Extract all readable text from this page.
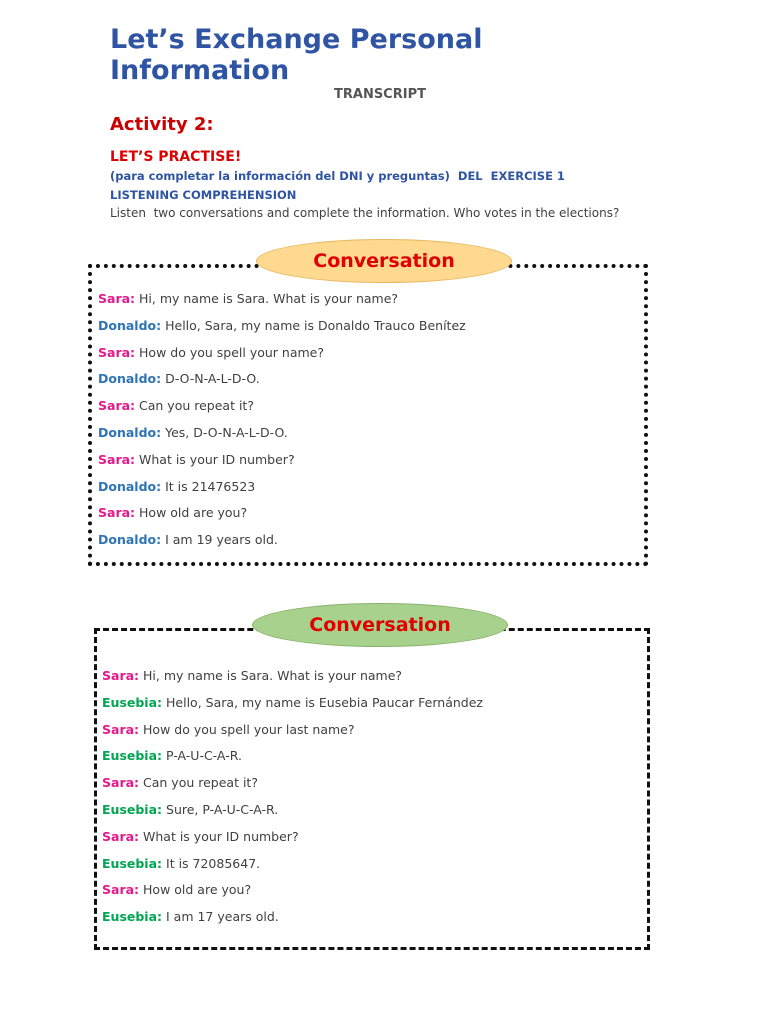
Let’s Exchange Personal Information
TRANSCRIPT
Activity 2:
LET’S PRACTISE!
(para completar la información del DNI y preguntas)  DEL  EXERCISE 1
LISTENING COMPREHENSION
Listen  two conversations and complete the information. Who votes in the elections?
Conversation
Sara: Hi, my name is Sara. What is your name?
Donaldo: Hello, Sara, my name is Donaldo Trauco Benítez
Sara: How do you spell your name?
Donaldo: D-O-N-A-L-D-O.
Sara: Can you repeat it?
Donaldo: Yes, D-O-N-A-L-D-O.
Sara: What is your ID number?
Donaldo: It is 21476523
Sara: How old are you?
Donaldo: I am 19 years old.
Conversation
Sara: Hi, my name is Sara. What is your name?
Eusebia: Hello, Sara, my name is Eusebia Paucar Fernández
Sara: How do you spell your last name?
Eusebia: P-A-U-C-A-R.
Sara: Can you repeat it?
Eusebia: Sure, P-A-U-C-A-R.
Sara: What is your ID number?
Eusebia: It is 72085647.
Sara: How old are you?
Eusebia: I am 17 years old.
